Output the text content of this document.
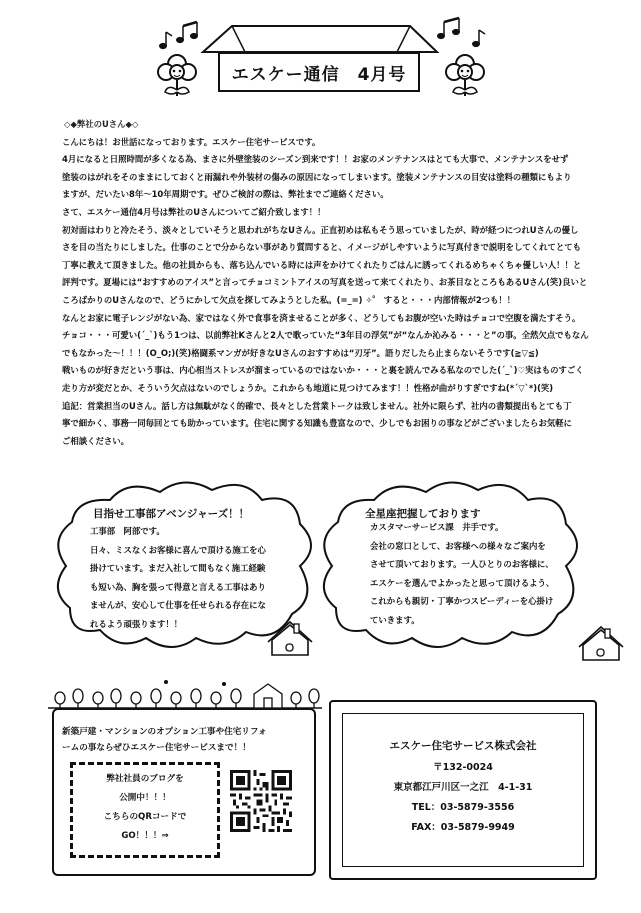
エスケー通信　4月号

◇◆弊社のUさん◆◇

こんにちは！お世話になっております。エスケー住宅サービスです。

4月になると日照時間が多くなる為、まさに外壁塗装のシーズン到来です！！お家のメンテナンスはとても大事で、メンテナンスをせず

塗装のはがれをそのままにしておくと雨漏れや外装材の傷みの原因になってしまいます。塗装メンテナンスの目安は塗料の種類にもより

ますが、だいたい8年～10年周期です。ぜひご検討の際は、弊社までご連絡ください。

さて、エスケー通信4月号は弊社のUさんについてご紹介致します！！

初対面はわりと冷たそう、淡々としていそうと思われがちなUさん。正直初めは私もそう思っていましたが、時が経つにつれUさんの優し

さを目の当たりにしました。仕事のことで分からない事があり質問すると、イメージがしやすいように写真付きで説明をしてくれてとても

丁寧に教えて頂きました。他の社員からも、落ち込んでいる時には声をかけてくれたりごはんに誘ってくれるめちゃくちゃ優しい人！！と

評判です。夏場には“おすすめのアイス”と言ってチョコミントアイスの写真を送って来てくれたり、お茶目なところもあるUさん(笑)良いと

ころばかりのUさんなので、どうにかして欠点を探してみようとした私。(=_=) ✧゜ すると・・・内部情報が2つも！！

なんとお家に電子レンジがない為、家ではなく外で食事を済ませることが多く、どうしてもお腹が空いた時はチョコで空腹を満たすそう。

チョコ・・・可愛い(´_`)もう1つは、以前弊社Kさんと2人で歌っていた“3年目の浮気”が“なんか沁みる・・・と”の事。全然欠点でもなん

でもなかった～！！！(O_O;)(笑)格闘系マンガが好きなUさんのおすすめは“刃牙”。語りだしたら止まらないそうです(≧▽≦)

戦いものが好きだという事は、内心相当ストレスが溜まっているのではないか・・・と裏を読んでみる私なのでした(´_`)♡実はものすごく

走り方が変だとか、そういう欠点はないのでしょうか。これからも地道に見つけてみます！！性格が曲がりすぎですね(*´▽`*)(笑)

追記：営業担当のUさん。話し方は無駄がなく的確で、長々とした営業トークは致しません。社外に限らず、社内の書類提出もとても丁

寧で細かく、事務一同毎回とても助かっています。住宅に関する知識も豊富なので、少しでもお困りの事などがございましたらお気軽に

ご相談ください。

目指せ工事部アベンジャーズ！！
工事部　阿部です。
日々、ミスなくお客様に喜んで頂ける施工を心
掛けています。まだ入社して間もなく施工経験
も短い為、胸を張って得意と言える工事はあり
ませんが、安心して仕事を任せられる存在にな
れるよう頑張ります！！
全星座把握しております
カスタマーサービス課　井手です。
会社の窓口として、お客様への様々なご案内を
させて頂いております。一人ひとりのお客様に、
エスケーを選んでよかったと思って頂けるよう、
これからも親切・丁寧かつスピーディーを心掛け
ていきます。
新築戸建・マンションのオプション工事や住宅リフォ
ームの事ならぜひエスケー住宅サービスまで！！
弊社社員のブログを
公開中！！！
こちらのQRコードで
GO！！！⇒
エスケー住宅サービス株式会社
〒132-0024
東京都江戸川区一之江　4-1-31
TEL：03-5879-3556
FAX：03-5879-9949
